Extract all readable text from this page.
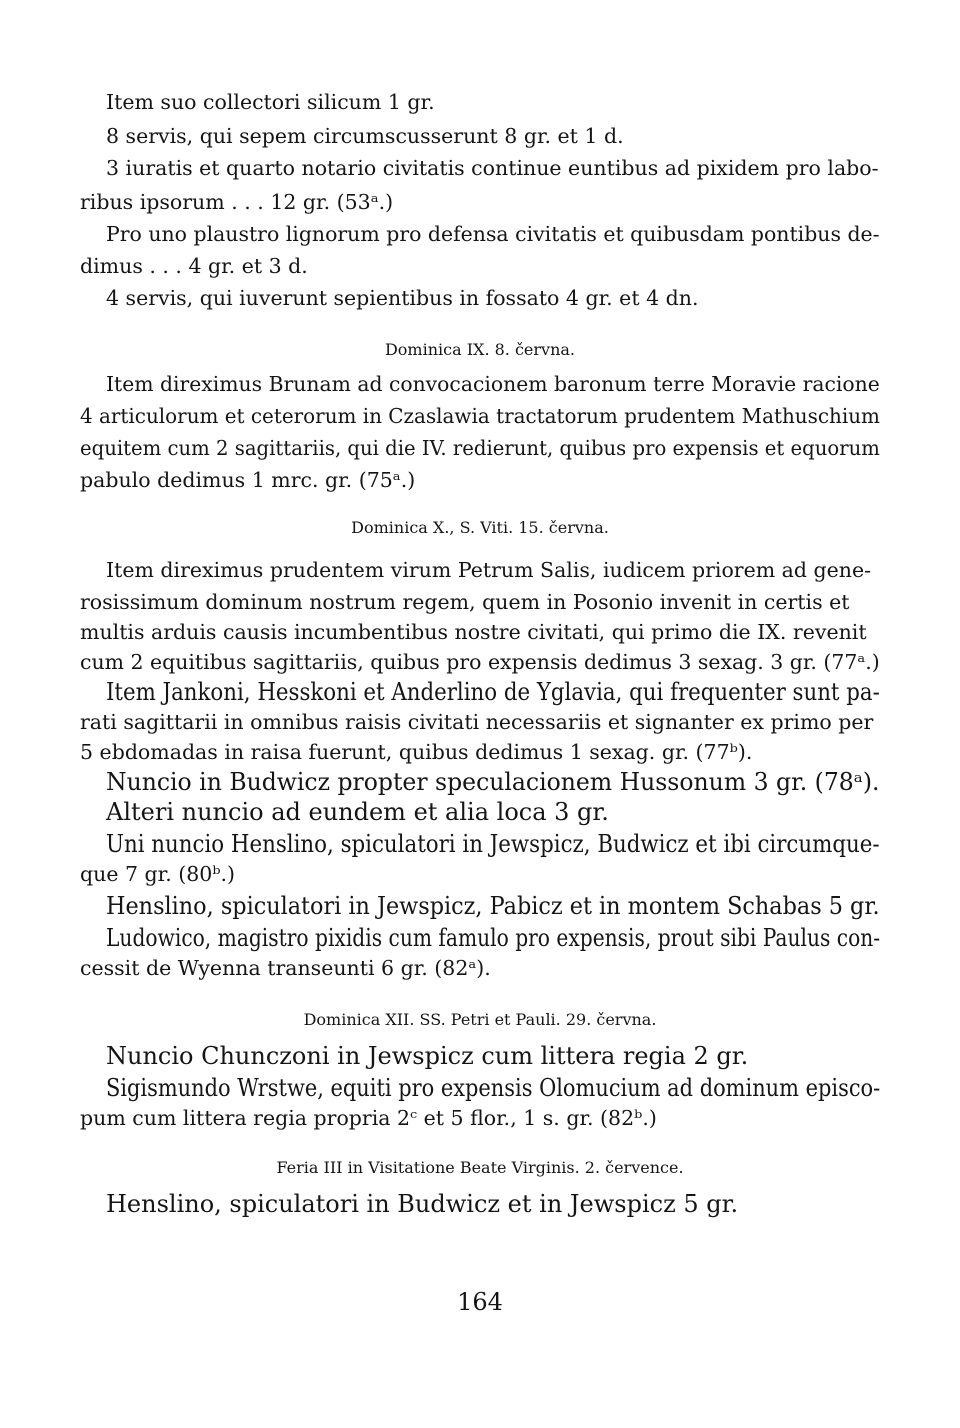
Item suo collectori silicum 1 gr.
8 servis, qui sepem circumscusserunt 8 gr. et 1 d.
3 iuratis et quarto notario civitatis continue euntibus ad pixidem pro labo-
ribus ipsorum . . . 12 gr. (53ᵃ.)
Pro uno plaustro lignorum pro defensa civitatis et quibusdam pontibus de-
dimus . . . 4 gr. et 3 d.
4 servis, qui iuverunt sepientibus in fossato 4 gr. et 4 dn.
Dominica IX. 8. června.
Item direximus Brunam ad convocacionem baronum terre Moravie racione
4 articulorum et ceterorum in Czaslawia tractatorum prudentem Mathuschium
equitem cum 2 sagittariis, qui die IV. redierunt, quibus pro expensis et equorum
pabulo dedimus 1 mrc. gr. (75ᵃ.)
Dominica X., S. Viti. 15. června.
Item direximus prudentem virum Petrum Salis, iudicem priorem ad gene-
rosissimum dominum nostrum regem, quem in Posonio invenit in certis et
multis arduis causis incumbentibus nostre civitati, qui primo die IX. revenit
cum 2 equitibus sagittariis, quibus pro expensis dedimus 3 sexag. 3 gr. (77ᵃ.)
Item Jankoni, Hesskoni et Anderlino de Yglavia, qui frequenter sunt pa-
rati sagittarii in omnibus raisis civitati necessariis et signanter ex primo per
5 ebdomadas in raisa fuerunt, quibus dedimus 1 sexag. gr. (77ᵇ).
Nuncio in Budwicz propter speculacionem Hussonum 3 gr. (78ᵃ).
Alteri nuncio ad eundem et alia loca 3 gr.
Uni nuncio Henslino, spiculatori in Jewspicz, Budwicz et ibi circumque-
que 7 gr. (80ᵇ.)
Henslino, spiculatori in Jewspicz, Pabicz et in montem Schabas 5 gr.
Ludowico, magistro pixidis cum famulo pro expensis, prout sibi Paulus con-
cessit de Wyenna transeunti 6 gr. (82ᵃ).
Dominica XII. SS. Petri et Pauli. 29. června.
Nuncio Chunczoni in Jewspicz cum littera regia 2 gr.
Sigismundo Wrstwe, equiti pro expensis Olomucium ad dominum episco-
pum cum littera regia propria 2ᶜ et 5 flor., 1 s. gr. (82ᵇ.)
Feria III in Visitatione Beate Virginis. 2. července.
Henslino, spiculatori in Budwicz et in Jewspicz 5 gr.
164
